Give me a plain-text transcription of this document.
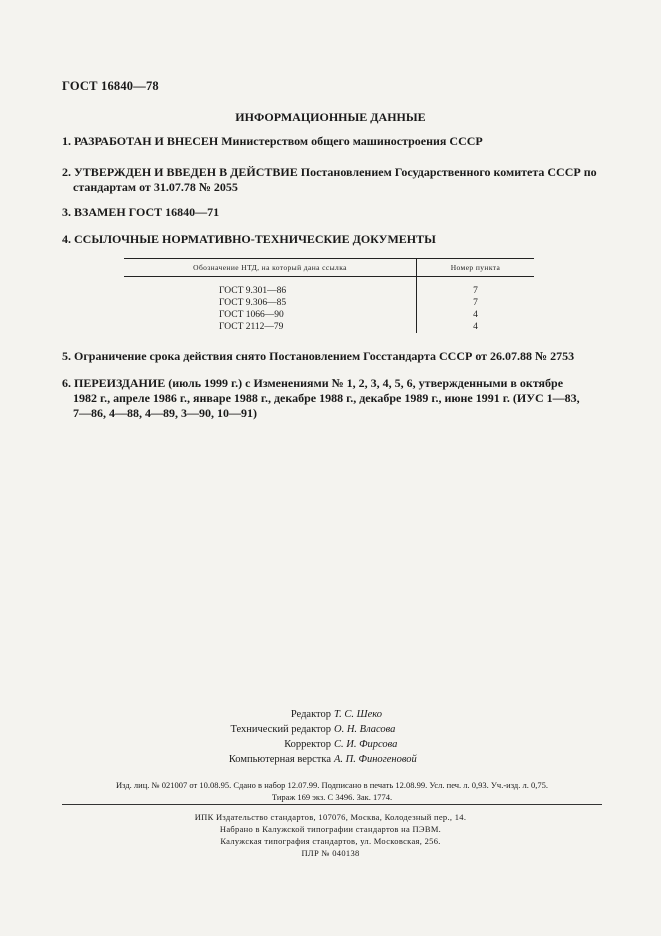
ГОСТ 16840—78
ИНФОРМАЦИОННЫЕ ДАННЫЕ
1. РАЗРАБОТАН И ВНЕСЕН Министерством общего машиностроения СССР
2. УТВЕРЖДЕН И ВВЕДЕН В ДЕЙСТВИЕ Постановлением Государственного комитета СССР по
стандартам от 31.07.78 № 2055
3. ВЗАМЕН ГОСТ 16840—71
4. ССЫЛОЧНЫЕ НОРМАТИВНО-ТЕХНИЧЕСКИЕ ДОКУМЕНТЫ
Обозначение НТД, на который дана ссылка	Номер пункта
ГОСТ 9.301—86	7
ГОСТ 9.306—85	7
ГОСТ 1066—90	4
ГОСТ 2112—79	4
5. Ограничение срока действия снято Постановлением Госстандарта СССР от 26.07.88 № 2753
6. ПЕРЕИЗДАНИЕ (июль 1999 г.) с Изменениями № 1, 2, 3, 4, 5, 6, утвержденными в октябре
1982 г., апреле 1986 г., январе 1988 г., декабре 1988 г., декабре 1989 г., июне 1991 г. (ИУС 1—83,
7—86, 4—88, 4—89, 3—90, 10—91)
Редактор Т. С. Шеко
Технический редактор О. Н. Власова
Корректор С. И. Фирсова
Компьютерная верстка А. П. Финогеновой
Изд. лиц. № 021007 от 10.08.95. Сдано в набор 12.07.99. Подписано в печать 12.08.99. Усл. печ. л. 0,93. Уч.-изд. л. 0,75.
Тираж 169 экз. С 3496. Зак. 1774.
ИПК Издательство стандартов, 107076, Москва, Колодезный пер., 14.
Набрано в Калужской типографии стандартов на ПЭВМ.
Калужская типография стандартов, ул. Московская, 256.
ПЛР № 040138
